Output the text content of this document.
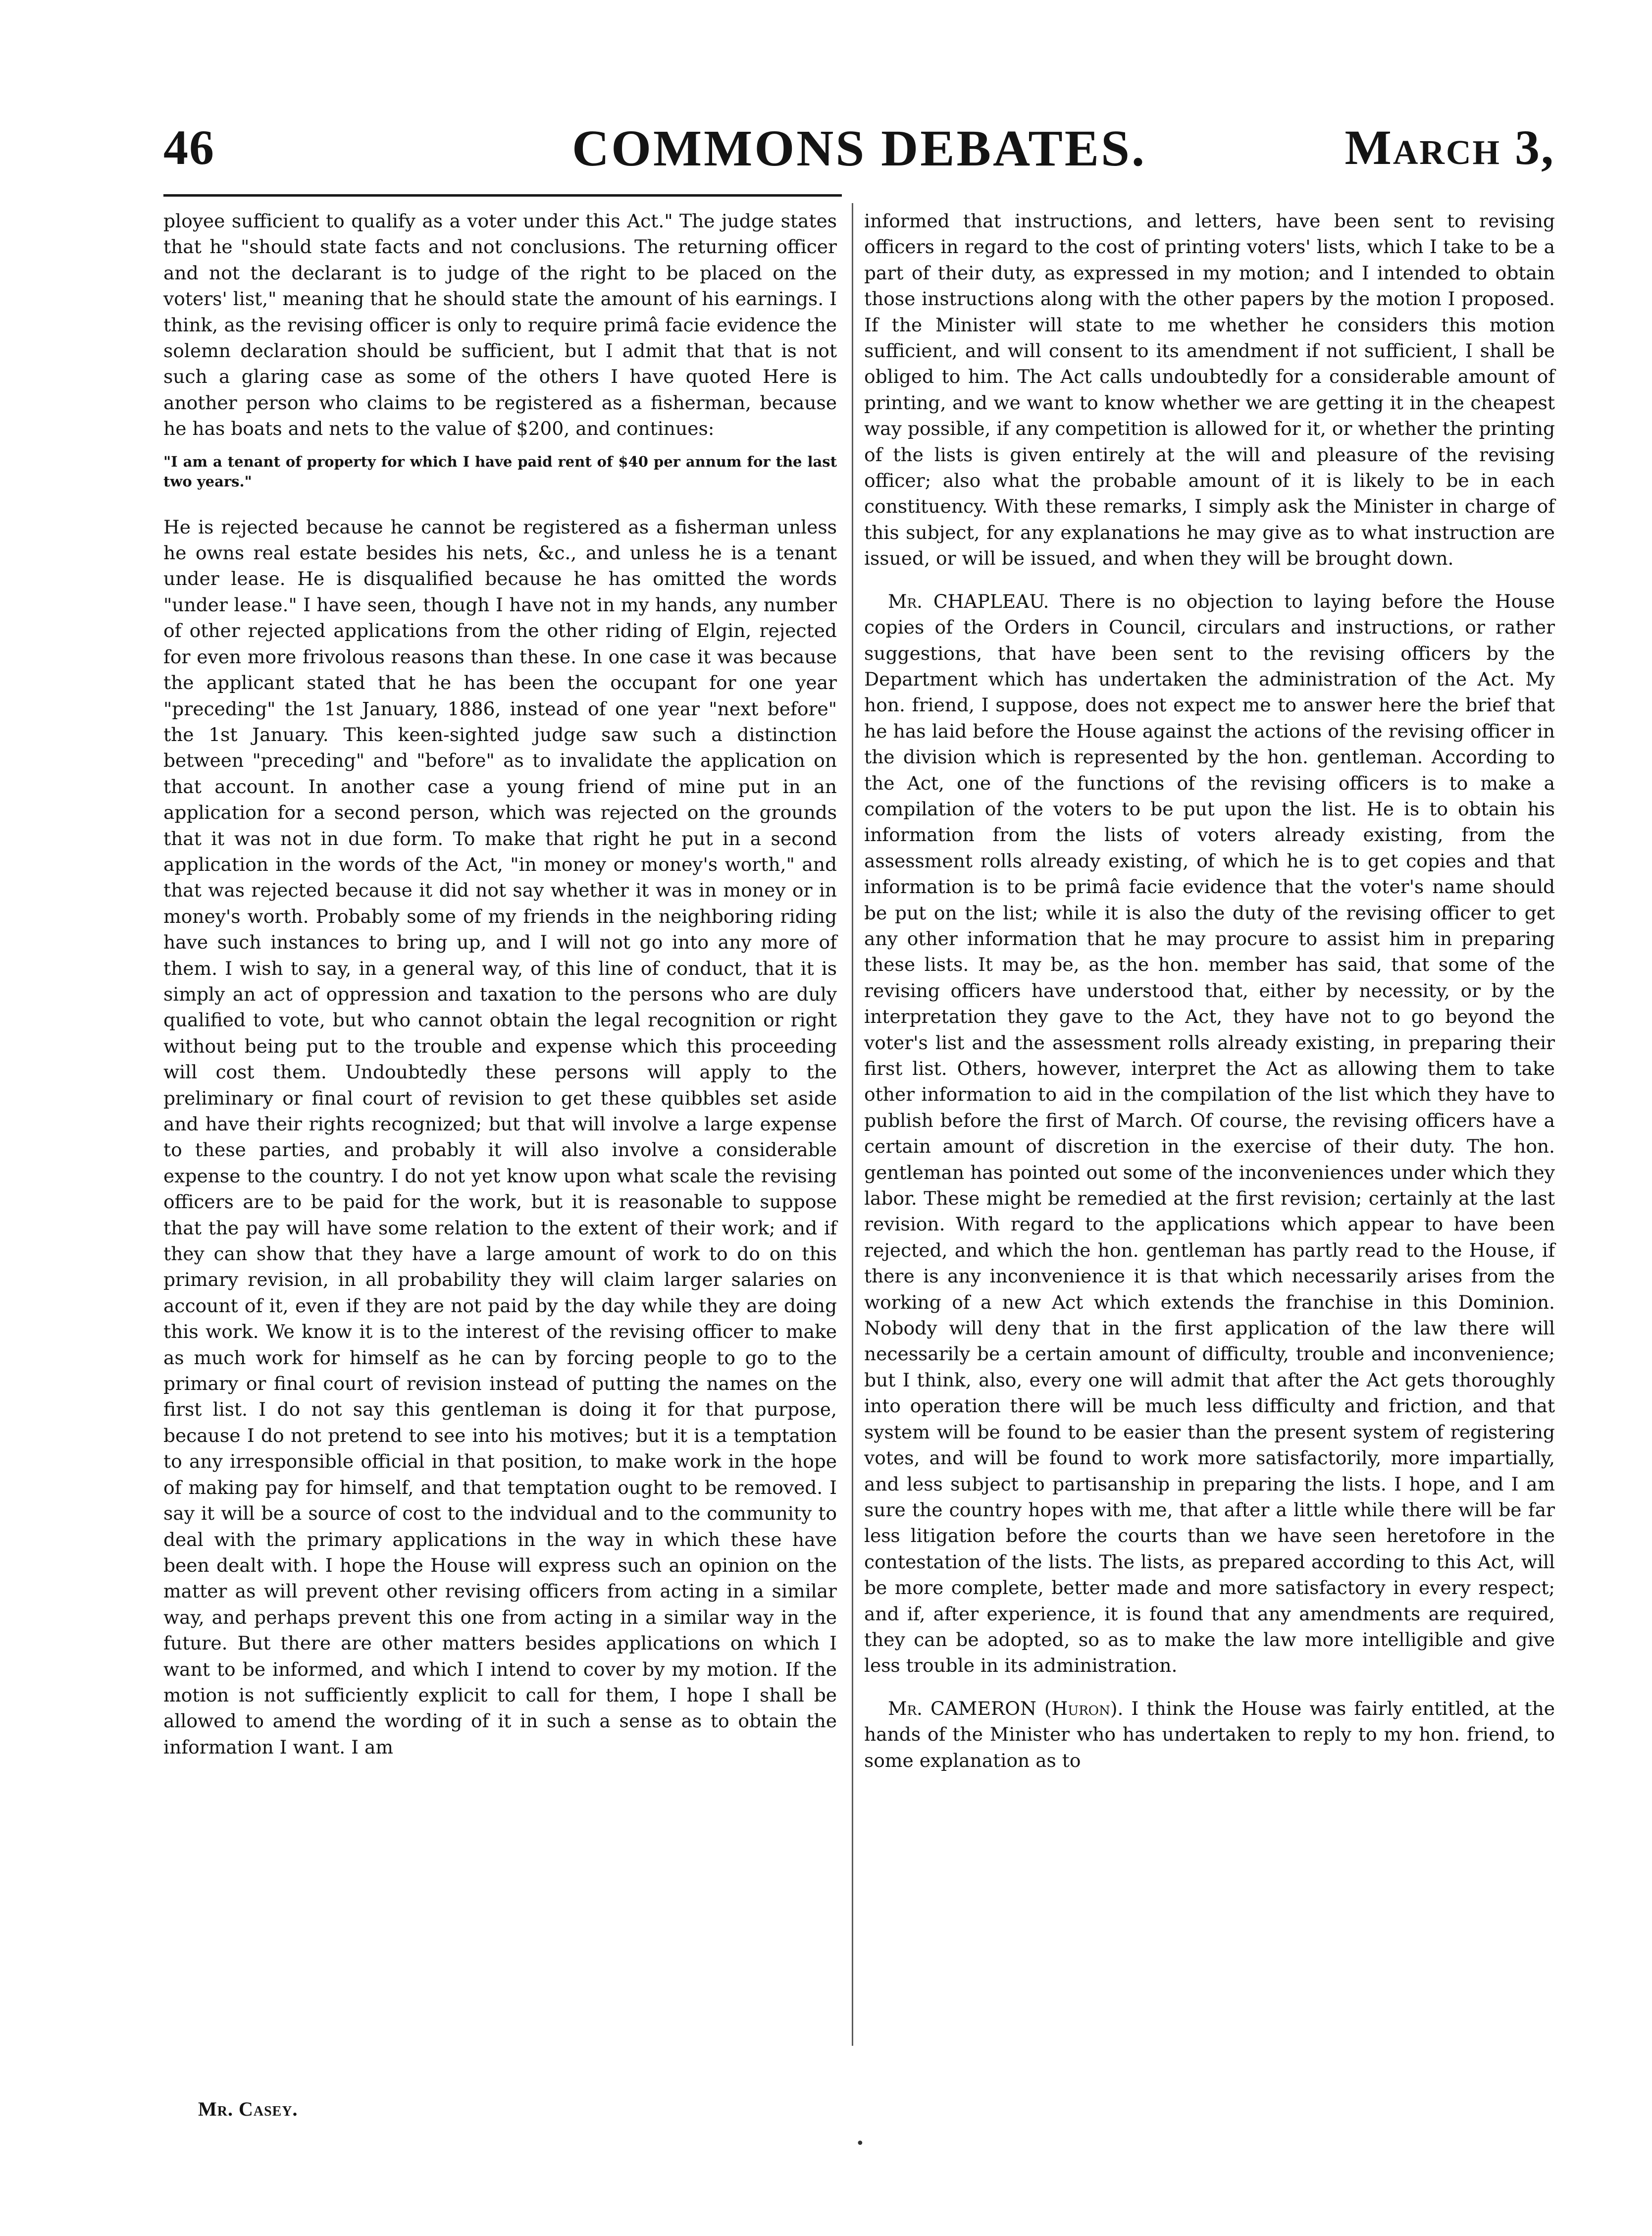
46	COMMONS DEBATES.	March 3,

ployee sufficient to qualify as a voter under this Act." The judge states that he "should state facts and not conclusions. The returning officer and not the declarant is to judge of the right to be placed on the voters' list," meaning that he should state the amount of his earnings. I think, as the revising officer is only to require primâ facie evidence the solemn declaration should be sufficient, but I admit that that is not such a glaring case as some of the others I have quoted Here is another person who claims to be registered as a fisherman, because he has boats and nets to the value of $200, and continues:

"I am a tenant of property for which I have paid rent of $40 per annum for the last two years."

He is rejected because he cannot be registered as a fisherman unless he owns real estate besides his nets, &c., and unless he is a tenant under lease. He is disqualified because he has omitted the words "under lease." I have seen, though I have not in my hands, any number of other rejected applications from the other riding of Elgin, rejected for even more frivolous reasons than these. In one case it was because the applicant stated that he has been the occupant for one year "preceding" the 1st January, 1886, instead of one year "next before" the 1st January. This keen-sighted judge saw such a distinction between "preceding" and "before" as to invalidate the application on that account. In another case a young friend of mine put in an application for a second person, which was rejected on the grounds that it was not in due form. To make that right he put in a second application in the words of the Act, "in money or money's worth," and that was rejected because it did not say whether it was in money or in money's worth. Probably some of my friends in the neighboring riding have such instances to bring up, and I will not go into any more of them. I wish to say, in a general way, of this line of conduct, that it is simply an act of oppression and taxation to the persons who are duly qualified to vote, but who cannot obtain the legal recognition or right without being put to the trouble and expense which this proceeding will cost them. Undoubtedly these persons will apply to the preliminary or final court of revision to get these quibbles set aside and have their rights recognized; but that will involve a large expense to these parties, and probably it will also involve a considerable expense to the country. I do not yet know upon what scale the revising officers are to be paid for the work, but it is reasonable to suppose that the pay will have some relation to the extent of their work; and if they can show that they have a large amount of work to do on this primary revision, in all probability they will claim larger salaries on account of it, even if they are not paid by the day while they are doing this work. We know it is to the interest of the revising officer to make as much work for himself as he can by forcing people to go to the primary or final court of revision instead of putting the names on the first list. I do not say this gentleman is doing it for that purpose, because I do not pretend to see into his motives; but it is a temptation to any irresponsible official in that position, to make work in the hope of making pay for himself, and that temptation ought to be removed. I say it will be a source of cost to the indvidual and to the community to deal with the primary applications in the way in which these have been dealt with. I hope the House will express such an opinion on the matter as will prevent other revising officers from acting in a similar way, and perhaps prevent this one from acting in a similar way in the future. But there are other matters besides applications on which I want to be informed, and which I intend to cover by my motion. If the motion is not sufficiently explicit to call for them, I hope I shall be allowed to amend the wording of it in such a sense as to obtain the information I want. I am

Mr. Casey.

informed that instructions, and letters, have been sent to revising officers in regard to the cost of printing voters' lists, which I take to be a part of their duty, as expressed in my motion; and I intended to obtain those instructions along with the other papers by the motion I proposed. If the Minister will state to me whether he considers this motion sufficient, and will consent to its amendment if not sufficient, I shall be obliged to him. The Act calls undoubtedly for a considerable amount of printing, and we want to know whether we are getting it in the cheapest way possible, if any competition is allowed for it, or whether the printing of the lists is given entirely at the will and pleasure of the revising officer; also what the probable amount of it is likely to be in each constituency. With these remarks, I simply ask the Minister in charge of this subject, for any explanations he may give as to what instruction are issued, or will be issued, and when they will be brought down.

Mr. CHAPLEAU. There is no objection to laying before the House copies of the Orders in Council, circulars and instructions, or rather suggestions, that have been sent to the revising officers by the Department which has undertaken the administration of the Act. My hon. friend, I suppose, does not expect me to answer here the brief that he has laid before the House against the actions of the revising officer in the division which is represented by the hon. gentleman. According to the Act, one of the functions of the revising officers is to make a compilation of the voters to be put upon the list. He is to obtain his information from the lists of voters already existing, from the assessment rolls already existing, of which he is to get copies and that information is to be primâ facie evidence that the voter's name should be put on the list; while it is also the duty of the revising officer to get any other information that he may procure to assist him in preparing these lists. It may be, as the hon. member has said, that some of the revising officers have understood that, either by necessity, or by the interpretation they gave to the Act, they have not to go beyond the voter's list and the assessment rolls already existing, in preparing their first list. Others, however, interpret the Act as allowing them to take other information to aid in the compilation of the list which they have to publish before the first of March. Of course, the revising officers have a certain amount of discretion in the exercise of their duty. The hon. gentleman has pointed out some of the inconveniences under which they labor. These might be remedied at the first revision; certainly at the last revision. With regard to the applications which appear to have been rejected, and which the hon. gentleman has partly read to the House, if there is any inconvenience it is that which necessarily arises from the working of a new Act which extends the franchise in this Dominion. Nobody will deny that in the first application of the law there will necessarily be a certain amount of difficulty, trouble and inconvenience; but I think, also, every one will admit that after the Act gets thoroughly into operation there will be much less difficulty and friction, and that system will be found to be easier than the present system of registering votes, and will be found to work more satisfactorily, more impartially, and less subject to partisanship in preparing the lists. I hope, and I am sure the country hopes with me, that after a little while there will be far less litigation before the courts than we have seen heretofore in the contestation of the lists. The lists, as prepared according to this Act, will be more complete, better made and more satisfactory in every respect; and if, after experience, it is found that any amendments are required, they can be adopted, so as to make the law more intelligible and give less trouble in its administration.

Mr. CAMERON (Huron). I think the House was fairly entitled, at the hands of the Minister who has undertaken to reply to my hon. friend, to some explanation as to

•
